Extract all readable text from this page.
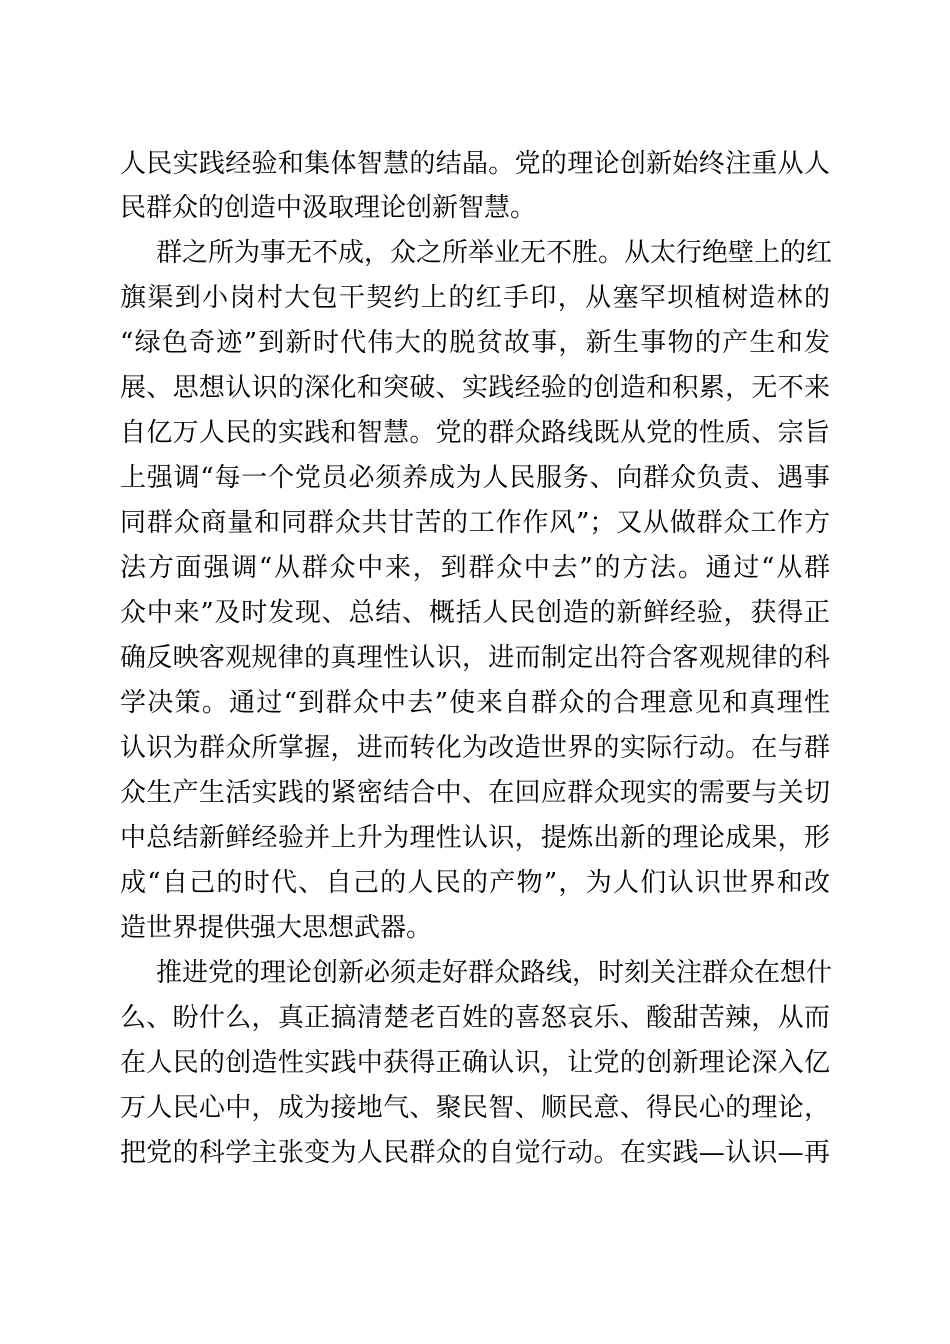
人民实践经验和集体智慧的结晶。党的理论创新始终注重从人
民群众的创造中汲取理论创新智慧。
群之所为事无不成，众之所举业无不胜。从太行绝壁上的红
旗渠到小岗村大包干契约上的红手印，从塞罕坝植树造林的
“绿色奇迹”到新时代伟大的脱贫故事，新生事物的产生和发
展、思想认识的深化和突破、实践经验的创造和积累，无不来
自亿万人民的实践和智慧。党的群众路线既从党的性质、宗旨
上强调“每一个党员必须养成为人民服务、向群众负责、遇事
同群众商量和同群众共甘苦的工作作风”；又从做群众工作方
法方面强调“从群众中来，到群众中去”的方法。通过“从群
众中来”及时发现、总结、概括人民创造的新鲜经验，获得正
确反映客观规律的真理性认识，进而制定出符合客观规律的科
学决策。通过“到群众中去”使来自群众的合理意见和真理性
认识为群众所掌握，进而转化为改造世界的实际行动。在与群
众生产生活实践的紧密结合中、在回应群众现实的需要与关切
中总结新鲜经验并上升为理性认识，提炼出新的理论成果，形
成“自己的时代、自己的人民的产物”，为人们认识世界和改
造世界提供强大思想武器。
推进党的理论创新必须走好群众路线，时刻关注群众在想什
么、盼什么，真正搞清楚老百姓的喜怒哀乐、酸甜苦辣，从而
在人民的创造性实践中获得正确认识，让党的创新理论深入亿
万人民心中，成为接地气、聚民智、顺民意、得民心的理论，
把党的科学主张变为人民群众的自觉行动。在实践—认识—再
